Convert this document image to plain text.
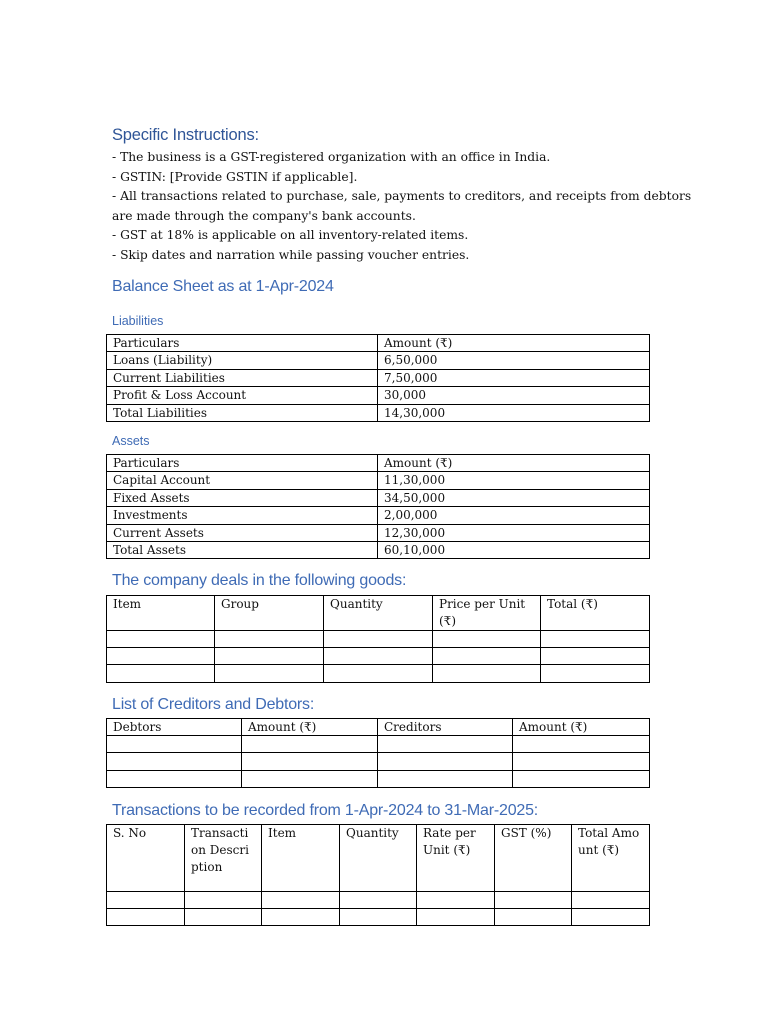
Specific Instructions:
- The business is a GST-registered organization with an office in India.
- GSTIN: [Provide GSTIN if applicable].
- All transactions related to purchase, sale, payments to creditors, and receipts from debtors
are made through the company's bank accounts.
- GST at 18% is applicable on all inventory-related items.
- Skip dates and narration while passing voucher entries.
Balance Sheet as at 1-Apr-2024
Liabilities
Particulars	Amount (₹)
Loans (Liability)	6,50,000
Current Liabilities	7,50,000
Profit & Loss Account	30,000
Total Liabilities	14,30,000
Assets
Particulars	Amount (₹)
Capital Account	11,30,000
Fixed Assets	34,50,000
Investments	2,00,000
Current Assets	12,30,000
Total Assets	60,10,000
The company deals in the following goods:
Item	Group	Quantity	Price per Unit (₹)	Total (₹)

List of Creditors and Debtors:
Debtors	Amount (₹)	Creditors	Amount (₹)

Transactions to be recorded from 1-Apr-2024 to 31-Mar-2025:
S. No	Transaction Description	Item	Quantity	Rate per Unit (₹)	GST (%)	Total Amount (₹)
